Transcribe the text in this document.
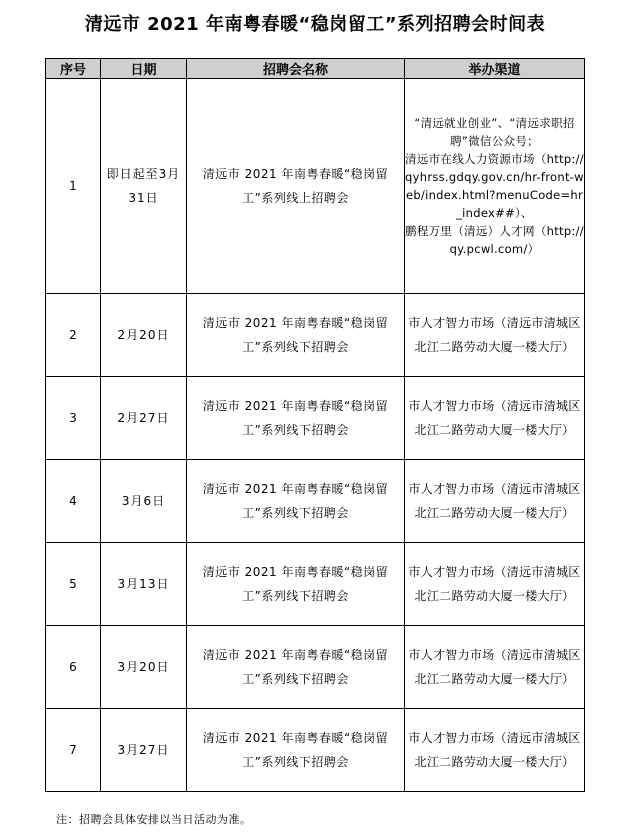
清远市 2021 年南粤春暖“稳岗留工”系列招聘会时间表
序号	日期	招聘会名称	举办渠道
1	即日起至3月31日	清远市 2021 年南粤春暖“稳岗留工”系列线上招聘会	“清远就业创业”、“清远求职招聘”微信公众号；
清远市在线人力资源市场（http://qyhrss.gdqy.gov.cn/hr-front-web/index.html?menuCode=hr_index##）、
鹏程万里（清远）人才网（http://qy.pcwl.com/）

2	2月20日	清远市 2021 年南粤春暖“稳岗留工”系列线下招聘会	市人才智力市场（清远市清城区北江二路劳动大厦一楼大厅）
3	2月27日	清远市 2021 年南粤春暖“稳岗留工”系列线下招聘会	市人才智力市场（清远市清城区北江二路劳动大厦一楼大厅）
4	3月6日	清远市 2021 年南粤春暖“稳岗留工”系列线下招聘会	市人才智力市场（清远市清城区北江二路劳动大厦一楼大厅）
5	3月13日	清远市 2021 年南粤春暖“稳岗留工”系列线下招聘会	市人才智力市场（清远市清城区北江二路劳动大厦一楼大厅）
6	3月20日	清远市 2021 年南粤春暖“稳岗留工”系列线下招聘会	市人才智力市场（清远市清城区北江二路劳动大厦一楼大厅）
7	3月27日	清远市 2021 年南粤春暖“稳岗留工”系列线下招聘会	市人才智力市场（清远市清城区北江二路劳动大厦一楼大厅）
注：招聘会具体安排以当日活动为准。
